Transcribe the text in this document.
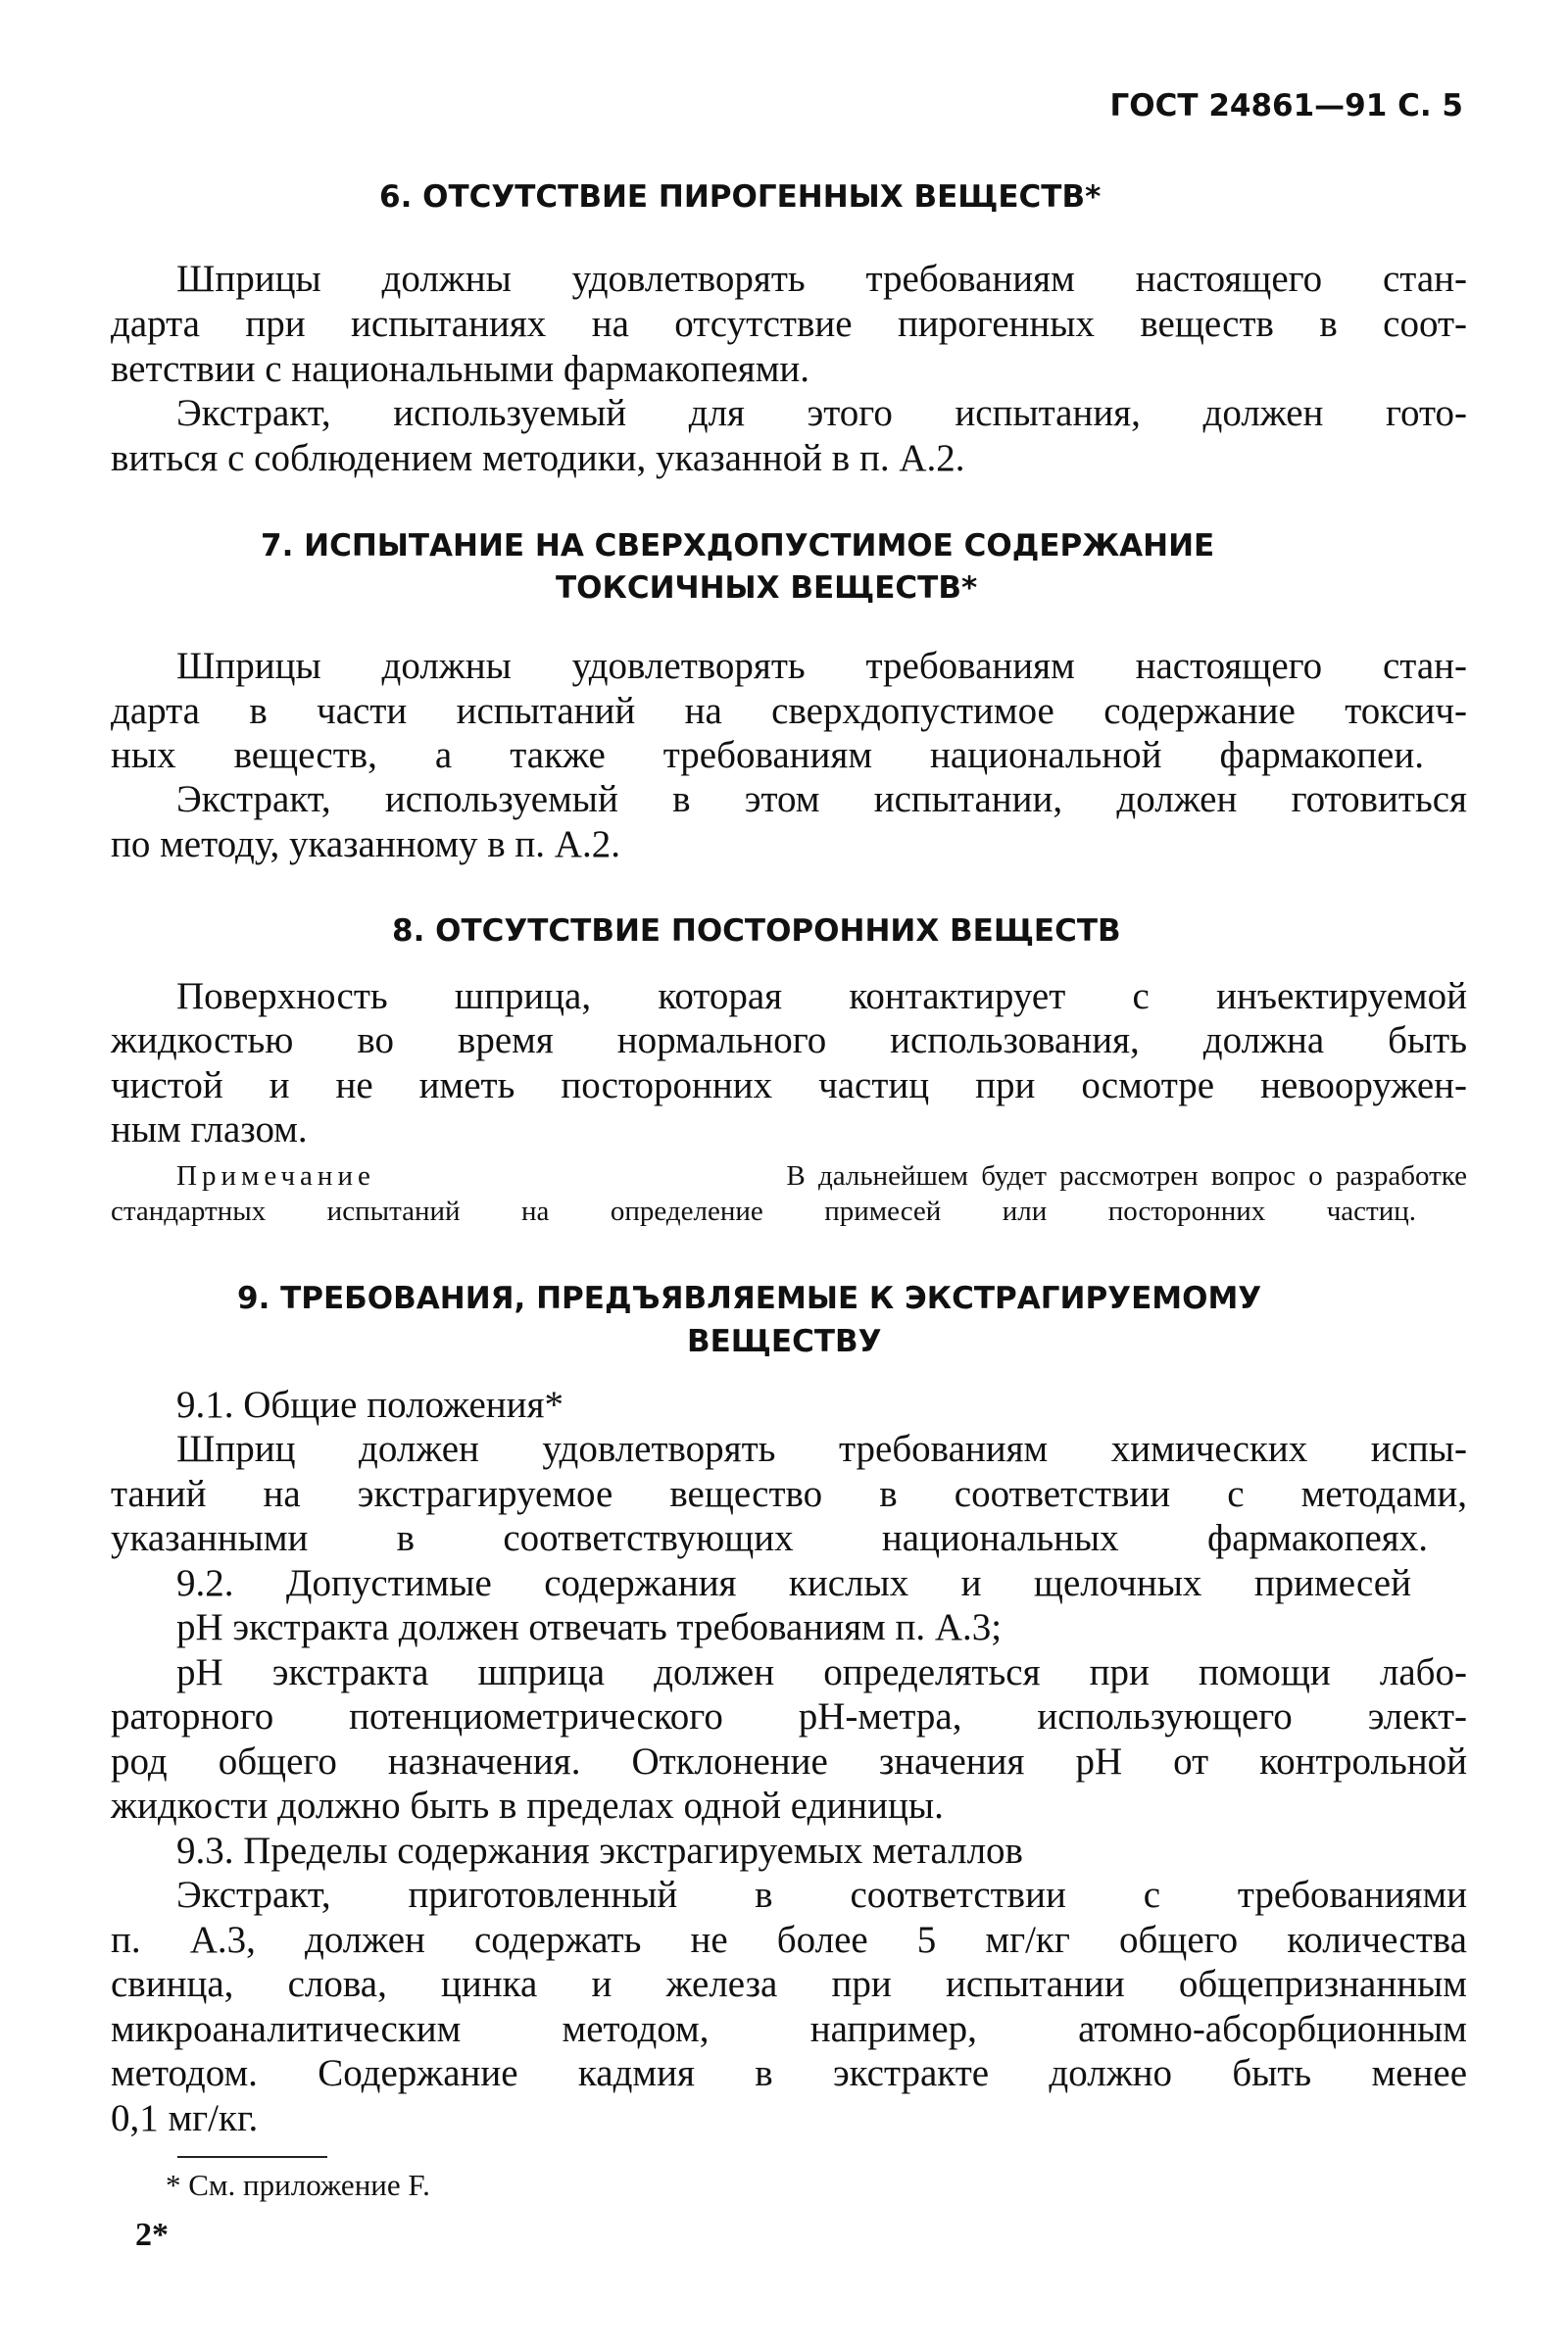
ГОСТ 24861—91 С. 5
6. ОТСУТСТВИЕ ПИРОГЕННЫХ ВЕЩЕСТВ*
Шприцы должны удовлетворять требованиям настоящего стан-
дарта при испытаниях на отсутствие пирогенных веществ в соот-
ветствии с национальными фармакопеями.
Экстракт, используемый для этого испытания, должен гото-
виться с соблюдением методики, указанной в п. А.2.
7. ИСПЫТАНИЕ НА СВЕРХДОПУСТИМОЕ СОДЕРЖАНИЕ
ТОКСИЧНЫХ ВЕЩЕСТВ*
Шприцы должны удовлетворять требованиям настоящего стан-
дарта в части испытаний на сверхдопустимое содержание токсич-
ных веществ, а также требованиям национальной фармакопеи.
Экстракт, используемый в этом испытании, должен готовиться
по методу, указанному в п. А.2.
8. ОТСУТСТВИЕ ПОСТОРОННИХ ВЕЩЕСТВ
Поверхность шприца, которая контактирует с инъектируемой
жидкостью во время нормального использования, должна быть
чистой и не иметь посторонних частиц при осмотре невооружен-
ным глазом.
Примечание	В дальнейшем будет рассмотрен вопрос о разработке
стандартных испытаний на определение примесей или посторонних частиц.
9. ТРЕБОВАНИЯ, ПРЕДЪЯВЛЯЕМЫЕ К ЭКСТРАГИРУЕМОМУ
ВЕЩЕСТВУ
9.1. Общие положения*
Шприц должен удовлетворять требованиям химических испы-
таний на экстрагируемое вещество в соответствии с методами,
указанными в соответствующих национальных фармакопеях.
9.2. Допустимые содержания кислых и щелочных примесей
pH экстракта должен отвечать требованиям п. А.3;
pH экстракта шприца должен определяться при помощи лабо-
раторного потенциометрического pH-метра, использующего элект-
род общего назначения. Отклонение значения pH от контрольной
жидкости должно быть в пределах одной единицы.
9.3. Пределы содержания экстрагируемых металлов
Экстракт, приготовленный в соответствии с требованиями
п. А.3, должен содержать не более 5 мг/кг общего количества
свинца, слова, цинка и железа при испытании общепризнанным
микроаналитическим методом, например, атомно-абсорбционным
методом. Содержание кадмия в экстракте должно быть менее
0,1 мг/кг.
* См. приложение F.
2*
